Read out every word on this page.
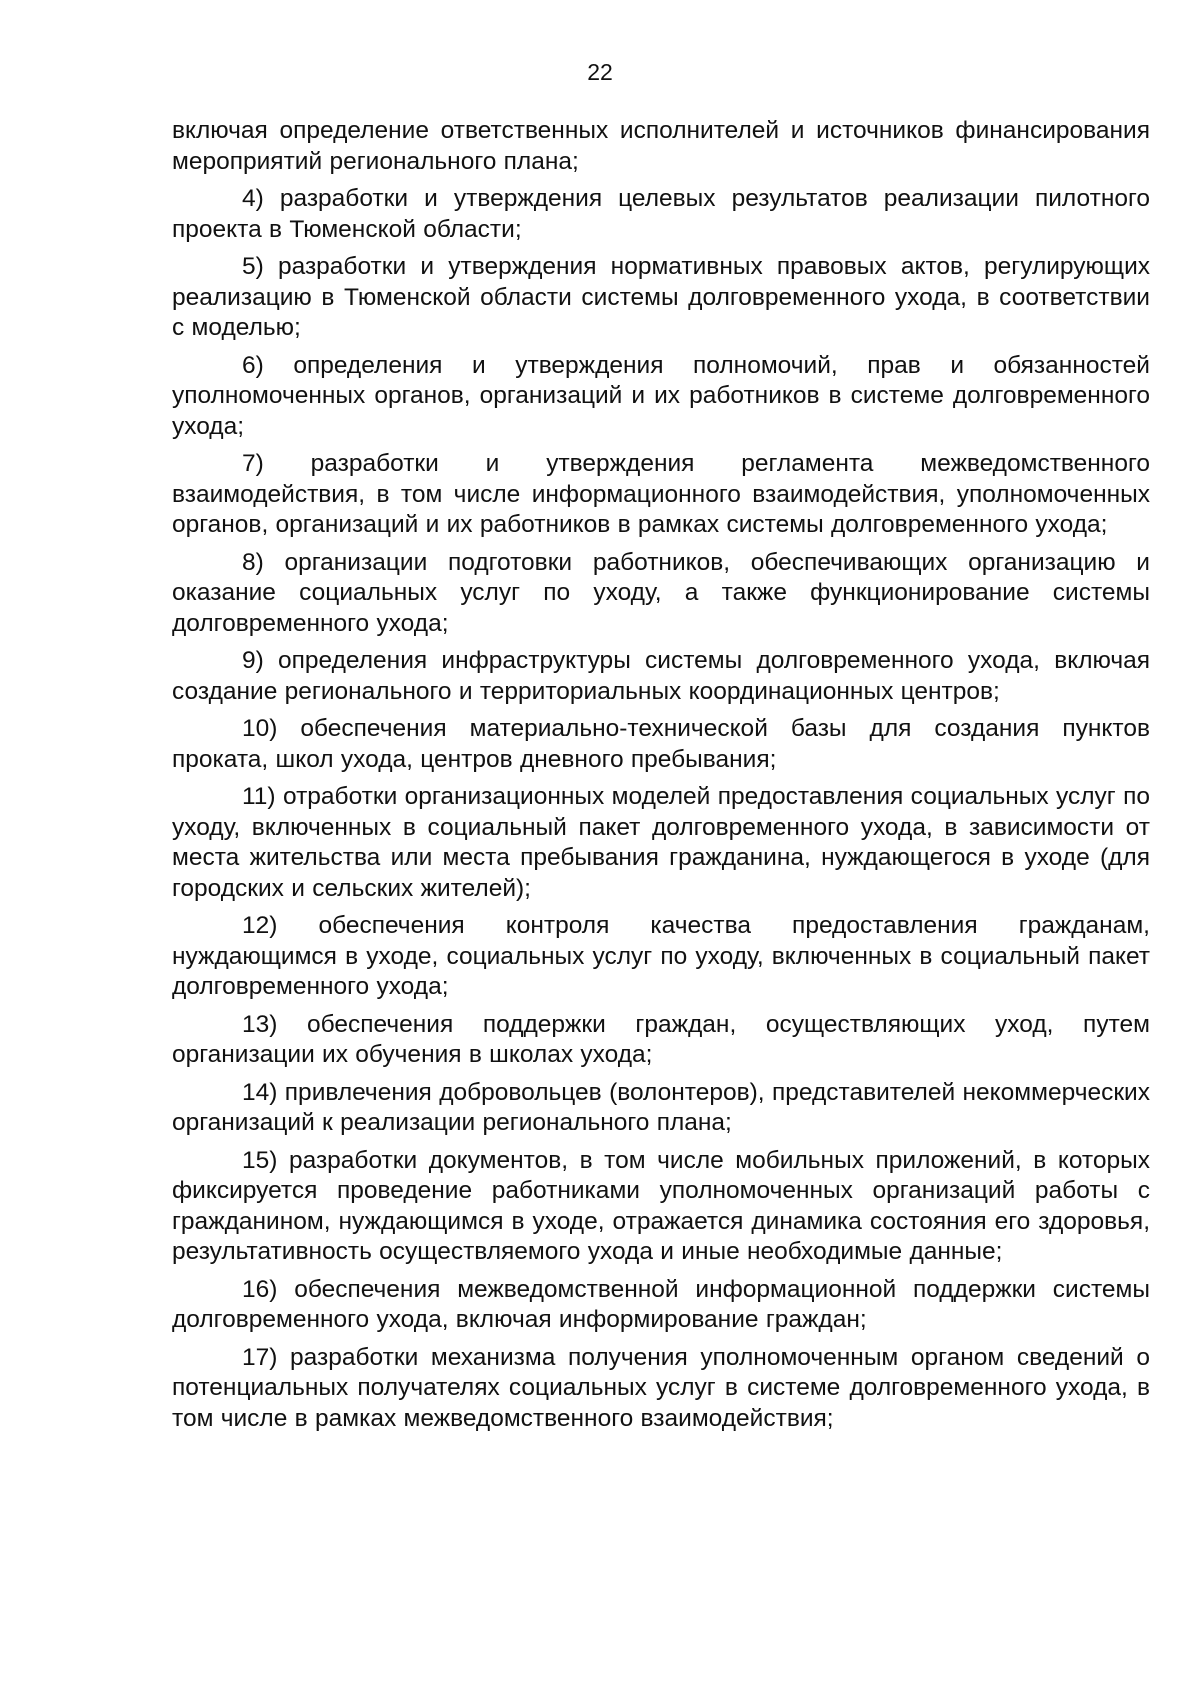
22

включая определение ответственных исполнителей и источников финансирования мероприятий регионального плана;

4) разработки и утверждения целевых результатов реализации пилотного проекта в Тюменской области;

5) разработки и утверждения нормативных правовых актов, регулирующих реализацию в Тюменской области системы долговременного ухода, в соответствии с моделью;

6) определения и утверждения полномочий, прав и обязанностей уполномоченных органов, организаций и их работников в системе долговременного ухода;

7) разработки и утверждения регламента межведомственного взаимодействия, в том числе информационного взаимодействия, уполномоченных органов, организаций и их работников в рамках системы долговременного ухода;

8) организации подготовки работников, обеспечивающих организацию и оказание социальных услуг по уходу, а также функционирование системы долговременного ухода;

9) определения инфраструктуры системы долговременного ухода, включая создание регионального и территориальных координационных центров;

10) обеспечения материально-технической базы для создания пунктов проката, школ ухода, центров дневного пребывания;

11) отработки организационных моделей предоставления социальных услуг по уходу, включенных в социальный пакет долговременного ухода, в зависимости от места жительства или места пребывания гражданина, нуждающегося в уходе (для городских и сельских жителей);

12) обеспечения контроля качества предоставления гражданам, нуждающимся в уходе, социальных услуг по уходу, включенных в социальный пакет долговременного ухода;

13) обеспечения поддержки граждан, осуществляющих уход, путем организации их обучения в школах ухода;

14) привлечения добровольцев (волонтеров), представителей некоммерческих организаций к реализации регионального плана;

15) разработки документов, в том числе мобильных приложений, в которых фиксируется проведение работниками уполномоченных организаций работы с гражданином, нуждающимся в уходе, отражается динамика состояния его здоровья, результативность осуществляемого ухода и иные необходимые данные;

16) обеспечения межведомственной информационной поддержки системы долговременного ухода, включая информирование граждан;

17) разработки механизма получения уполномоченным органом сведений о потенциальных получателях социальных услуг в системе долговременного ухода, в том числе в рамках межведомственного взаимодействия;
